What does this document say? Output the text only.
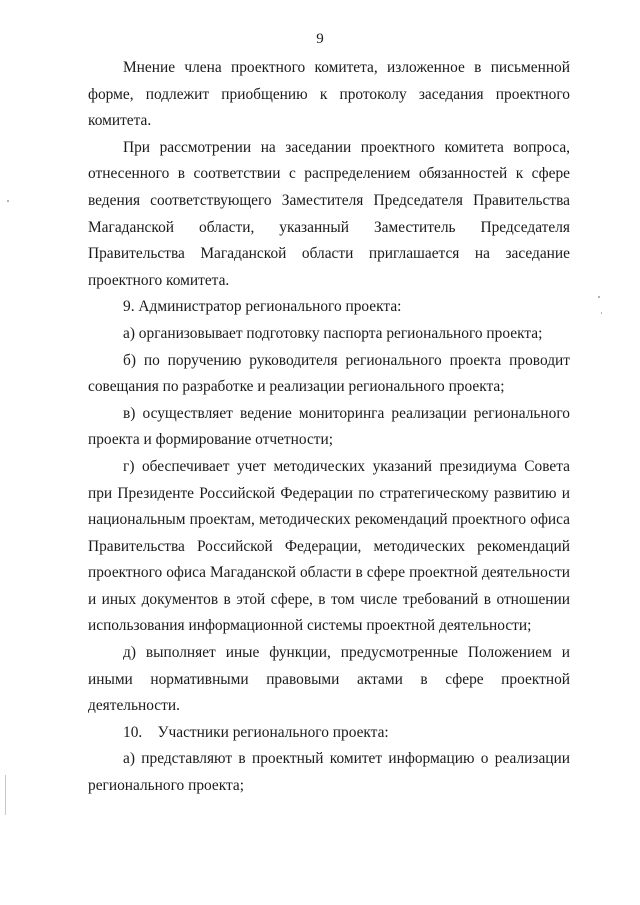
9

Мнение члена проектного комитета, изложенное в письменной форме, подлежит приобщению к протоколу заседания проектного комитета.

При рассмотрении на заседании проектного комитета вопроса, отнесенного в соответствии с распределением обязанностей к сфере ведения соответствующего Заместителя Председателя Правительства Магаданской области, указанный Заместитель Председателя Правительства Магаданской области приглашается на заседание проектного комитета.

9. Администратор регионального проекта:

а) организовывает подготовку паспорта регионального проекта;

б) по поручению руководителя регионального проекта проводит совещания по разработке и реализации регионального проекта;

в) осуществляет ведение мониторинга реализации регионального проекта и формирование отчетности;

г) обеспечивает учет методических указаний президиума Совета при Президенте Российской Федерации по стратегическому развитию и национальным проектам, методических рекомендаций проектного офиса Правительства Российской Федерации, методических рекомендаций проектного офиса Магаданской области в сфере проектной деятельности и иных документов в этой сфере, в том числе требований в отношении использования информационной системы проектной деятельности;

д) выполняет иные функции, предусмотренные Положением и иными нормативными правовыми актами в сфере проектной деятельности.

10. Участники регионального проекта:

а) представляют в проектный комитет информацию о реализации регионального проекта;
